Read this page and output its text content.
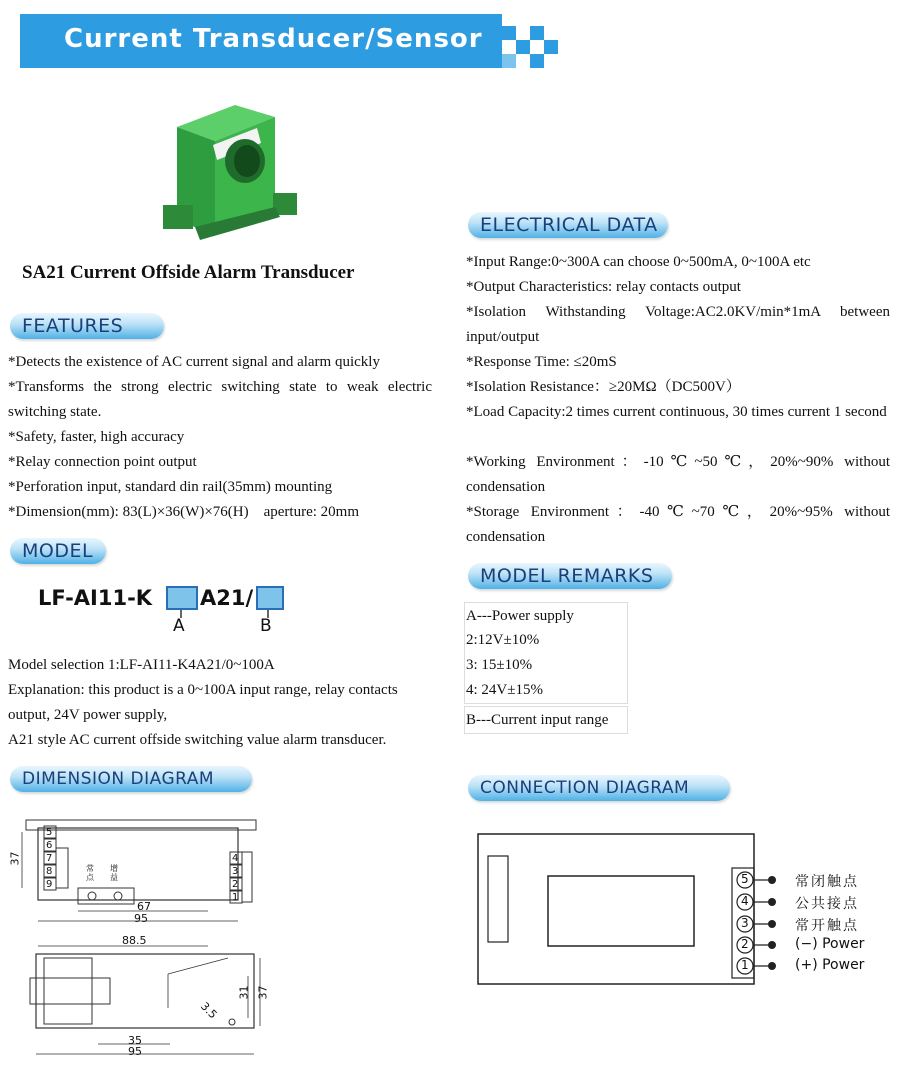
Current Transducer/Sensor
SA21 Current Offside Alarm Transducer
FEATURES
*Detects the existence of AC current signal and alarm quickly
*Transforms the strong electric switching state to weak electric switching state.
*Safety, faster, high accuracy
*Relay connection point output
*Perforation input, standard din rail(35mm) mounting
*Dimension(mm): 83(L)×36(W)×76(H)    aperture: 20mm
MODEL
LF-AI11-K A21/
A	B
Model selection 1:LF-AI11-K4A21/0~100A
Explanation: this product is a 0~100A input range, relay contacts output, 24V power supply,
A21 style AC current offside switching value alarm transducer.
DIMENSION DIAGRAM
37
67
95
88.5
31 37
3.5
35
95
5
6
7
8
9
4
3
2
1
常点
增益
ELECTRICAL DATA
*Input Range:0~300A can choose 0~500mA, 0~100A etc
*Output Characteristics: relay contacts output
*Isolation Withstanding Voltage:AC2.0KV/min*1mA between input/output
*Response Time: ≤20mS
*Isolation Resistance：≥20MΩ（DC500V）
*Load Capacity:2 times current continuous, 30 times current 1 second
*Working Environment：-10℃~50℃，20%~90% without condensation
*Storage Environment：-40℃~70℃，20%~95% without condensation
MODEL REMARKS
A---Power supply
2:12V±10%
3: 15±10%
4: 24V±15%
B---Current input range
CONNECTION DIAGRAM
5
4
3
2
1
常闭触点
公共接点
常开触点
(−) Power
(+) Power
